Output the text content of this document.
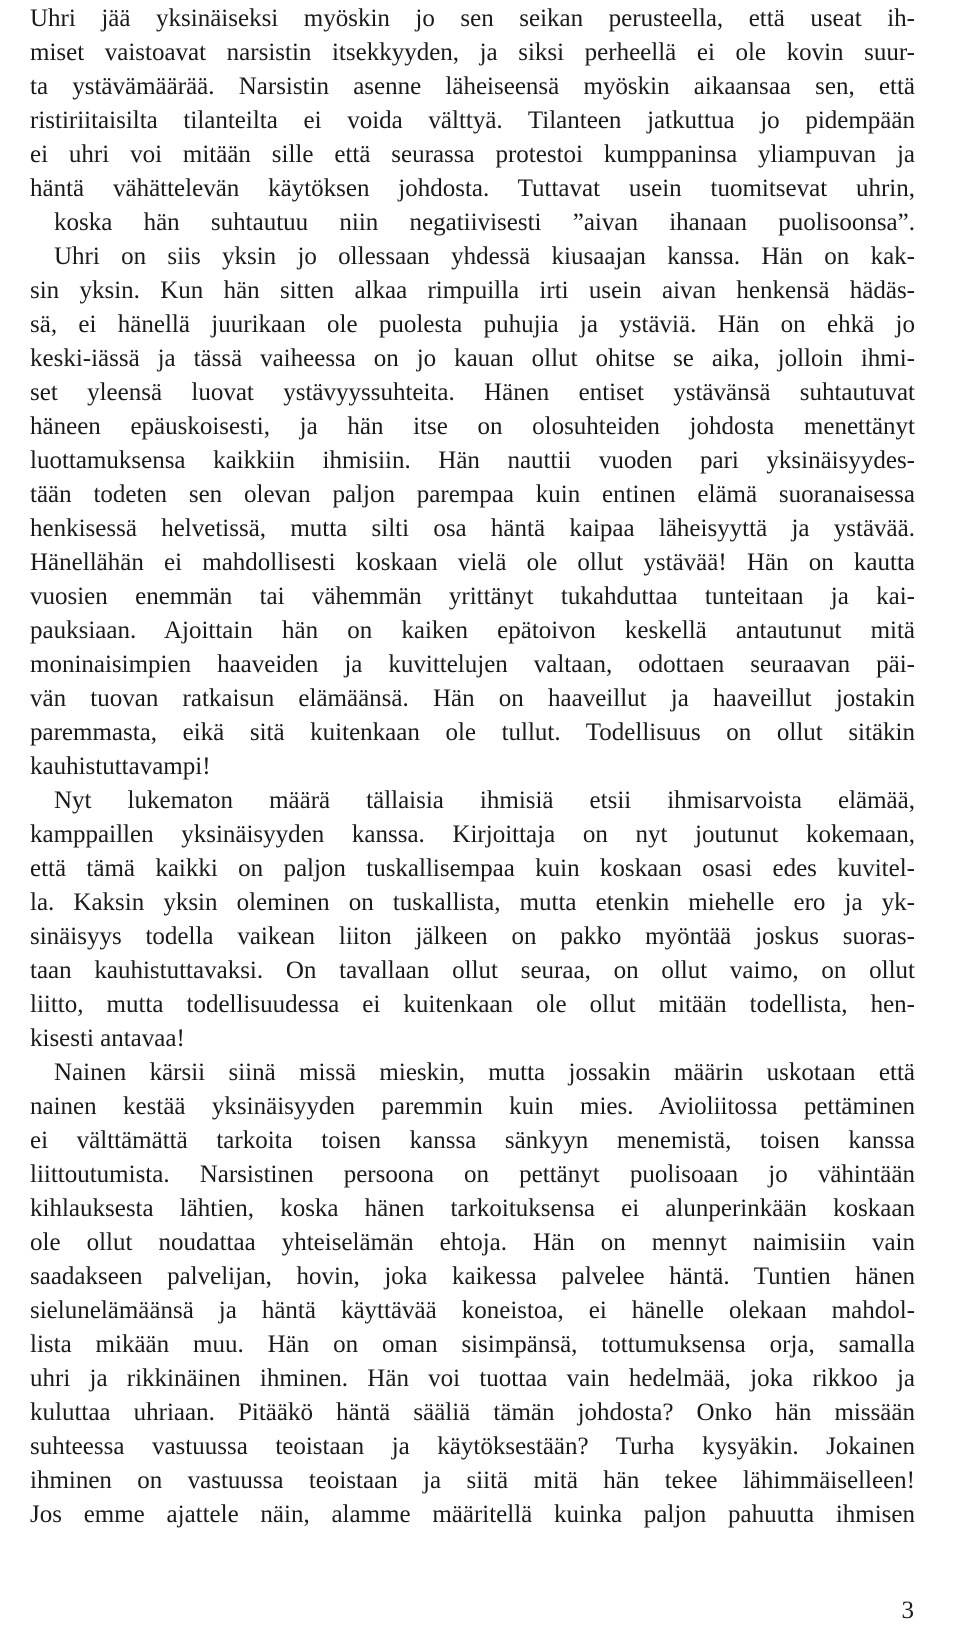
Uhri jää yksinäiseksi myöskin jo sen seikan perusteella, että useat ih-
miset vaistoavat narsistin itsekkyyden, ja siksi perheellä ei ole kovin suur-
ta ystävämäärää. Narsistin asenne läheiseensä myöskin aikaansaa sen, että
ristiriitaisilta tilanteilta ei voida välttyä. Tilanteen jatkuttua jo pidempään
ei uhri voi mitään sille että seurassa protestoi kumppaninsa yliampuvan ja
häntä vähättelevän käytöksen johdosta. Tuttavat usein tuomitsevat uhrin,
koska hän suhtautuu niin negatiivisesti ”aivan ihanaan puolisoonsa”.
Uhri on siis yksin jo ollessaan yhdessä kiusaajan kanssa. Hän on kak-
sin yksin. Kun hän sitten alkaa rimpuilla irti usein aivan henkensä hädäs-
sä, ei hänellä juurikaan ole puolesta puhujia ja ystäviä. Hän on ehkä jo
keski-iässä ja tässä vaiheessa on jo kauan ollut ohitse se aika, jolloin ihmi-
set yleensä luovat ystävyyssuhteita. Hänen entiset ystävänsä suhtautuvat
häneen epäuskoisesti, ja hän itse on olosuhteiden johdosta menettänyt
luottamuksensa kaikkiin ihmisiin. Hän nauttii vuoden pari yksinäisyydes-
tään todeten sen olevan paljon parempaa kuin entinen elämä suoranaisessa
henkisessä helvetissä, mutta silti osa häntä kaipaa läheisyyttä ja ystävää.
Hänellähän ei mahdollisesti koskaan vielä ole ollut ystävää! Hän on kautta
vuosien enemmän tai vähemmän yrittänyt tukahduttaa tunteitaan ja kai-
pauksiaan. Ajoittain hän on kaiken epätoivon keskellä antautunut mitä
moninaisimpien haaveiden ja kuvittelujen valtaan, odottaen seuraavan päi-
vän tuovan ratkaisun elämäänsä. Hän on haaveillut ja haaveillut jostakin
paremmasta, eikä sitä kuitenkaan ole tullut. Todellisuus on ollut sitäkin
kauhistuttavampi!
Nyt lukematon määrä tällaisia ihmisiä etsii ihmisarvoista elämää,
kamppaillen yksinäisyyden kanssa. Kirjoittaja on nyt joutunut kokemaan,
että tämä kaikki on paljon tuskallisempaa kuin koskaan osasi edes kuvitel-
la. Kaksin yksin oleminen on tuskallista, mutta etenkin miehelle ero ja yk-
sinäisyys todella vaikean liiton jälkeen on pakko myöntää joskus suoras-
taan kauhistuttavaksi. On tavallaan ollut seuraa, on ollut vaimo, on ollut
liitto, mutta todellisuudessa ei kuitenkaan ole ollut mitään todellista, hen-
kisesti antavaa!
Nainen kärsii siinä missä mieskin, mutta jossakin määrin uskotaan että
nainen kestää yksinäisyyden paremmin kuin mies. Avioliitossa pettäminen
ei välttämättä tarkoita toisen kanssa sänkyyn menemistä, toisen kanssa
liittoutumista. Narsistinen persoona on pettänyt puolisoaan jo vähintään
kihlauksesta lähtien, koska hänen tarkoituksensa ei alunperinkään koskaan
ole ollut noudattaa yhteiselämän ehtoja. Hän on mennyt naimisiin vain
saadakseen palvelijan, hovin, joka kaikessa palvelee häntä. Tuntien hänen
sielunelämäänsä ja häntä käyttävää koneistoa, ei hänelle olekaan mahdol-
lista mikään muu. Hän on oman sisimpänsä, tottumuksensa orja, samalla
uhri ja rikkinäinen ihminen. Hän voi tuottaa vain hedelmää, joka rikkoo ja
kuluttaa uhriaan. Pitääkö häntä sääliä tämän johdosta? Onko hän missään
suhteessa vastuussa teoistaan ja käytöksestään? Turha kysyäkin. Jokainen
ihminen on vastuussa teoistaan ja siitä mitä hän tekee lähimmäiselleen!
Jos emme ajattele näin, alamme määritellä kuinka paljon pahuutta ihmisen
3
